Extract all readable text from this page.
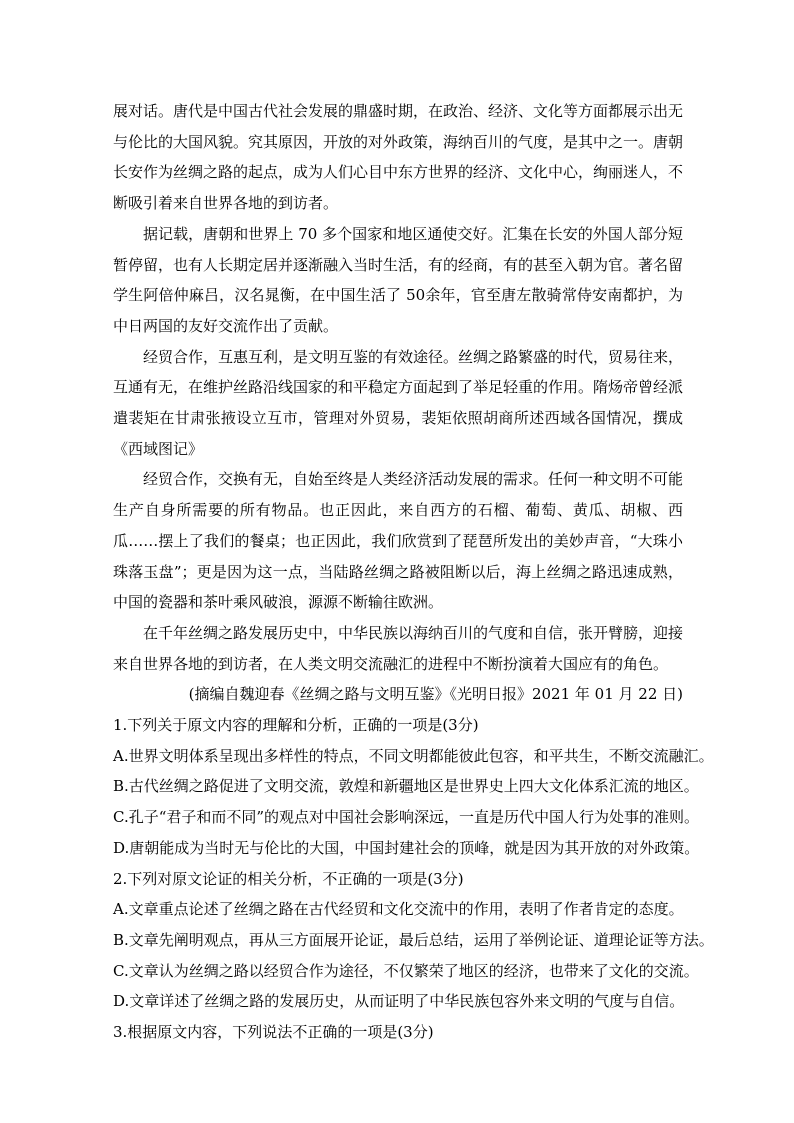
展对话。唐代是中国古代社会发展的鼎盛时期，在政治、经济、文化等方面都展示出无与伦比的大国风貌。究其原因，开放的对外政策，海纳百川的气度，是其中之一。唐朝长安作为丝绸之路的起点，成为人们心目中东方世界的经济、文化中心，绚丽迷人，不断吸引着来自世界各地的到访者。

据记载，唐朝和世界上 70 多个国家和地区通使交好。汇集在长安的外国人部分短暂停留，也有人长期定居并逐渐融入当时生活，有的经商，有的甚至入朝为官。著名留学生阿倍仲麻吕，汉名晁衡，在中国生活了 50余年，官至唐左散骑常侍安南都护，为中日两国的友好交流作出了贡献。

经贸合作，互惠互利，是文明互鉴的有效途径。丝绸之路繁盛的时代，贸易往来，互通有无，在维护丝路沿线国家的和平稳定方面起到了举足轻重的作用。隋炀帝曾经派遣裴矩在甘肃张掖设立互市，管理对外贸易，裴矩依照胡商所述西域各国情况，撰成《西域图记》

经贸合作，交换有无，自始至终是人类经济活动发展的需求。任何一种文明不可能生产自身所需要的所有物品。也正因此，来自西方的石榴、葡萄、黄瓜、胡椒、西瓜……摆上了我们的餐桌；也正因此，我们欣赏到了琵琶所发出的美妙声音，“大珠小珠落玉盘”；更是因为这一点，当陆路丝绸之路被阻断以后，海上丝绸之路迅速成熟，中国的瓷器和茶叶乘风破浪，源源不断输往欧洲。

在千年丝绸之路发展历史中，中华民族以海纳百川的气度和自信，张开臂膀，迎接来自世界各地的到访者，在人类文明交流融汇的进程中不断扮演着大国应有的角色。

(摘编自魏迎春《丝绸之路与文明互鉴》《光明日报》2021 年 01 月 22 日)

1.下列关于原文内容的理解和分析，正确的一项是(3分)

A.世界文明体系呈现出多样性的特点，不同文明都能彼此包容，和平共生，不断交流融汇。

B.古代丝绸之路促进了文明交流，敦煌和新疆地区是世界史上四大文化体系汇流的地区。

C.孔子“君子和而不同”的观点对中国社会影响深远，一直是历代中国人行为处事的准则。

D.唐朝能成为当时无与伦比的大国，中国封建社会的顶峰，就是因为其开放的对外政策。

2.下列对原文论证的相关分析，不正确的一项是(3分)

A.文章重点论述了丝绸之路在古代经贸和文化交流中的作用，表明了作者肯定的态度。

B.文章先阐明观点，再从三方面展开论证，最后总结，运用了举例论证、道理论证等方法。

C.文章认为丝绸之路以经贸合作为途径，不仅繁荣了地区的经济，也带来了文化的交流。

D.文章详述了丝绸之路的发展历史，从而证明了中华民族包容外来文明的气度与自信。

3.根据原文内容，下列说法不正确的一项是(3分)
